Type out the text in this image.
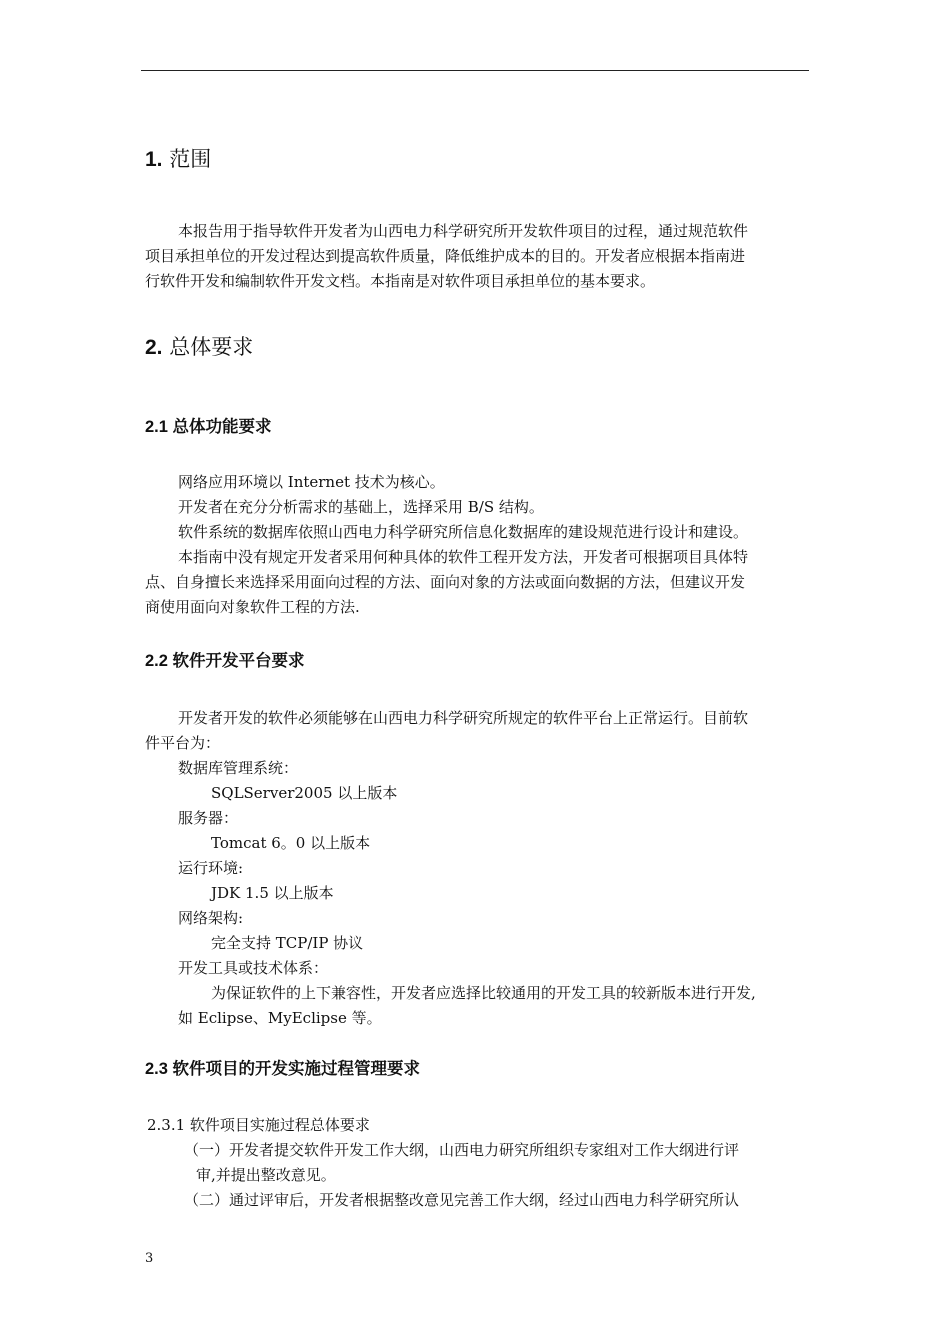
1. 范围
本报告用于指导软件开发者为山西电力科学研究所开发软件项目的过程，通过规范软件
项目承担单位的开发过程达到提高软件质量，降低维护成本的目的。开发者应根据本指南进
行软件开发和编制软件开发文档。本指南是对软件项目承担单位的基本要求。
2. 总体要求
2.1 总体功能要求
网络应用环境以 Internet 技术为核心。
开发者在充分分析需求的基础上，选择采用 B/S 结构。
软件系统的数据库依照山西电力科学研究所信息化数据库的建设规范进行设计和建设。
本指南中没有规定开发者采用何种具体的软件工程开发方法，开发者可根据项目具体特
点、自身擅长来选择采用面向过程的方法、面向对象的方法或面向数据的方法，但建议开发
商使用面向对象软件工程的方法.
2.2 软件开发平台要求
开发者开发的软件必须能够在山西电力科学研究所规定的软件平台上正常运行。目前软
件平台为：
数据库管理系统：
SQLServer2005 以上版本
服务器：
Tomcat 6。0 以上版本
运行环境:
JDK 1.5 以上版本
网络架构:
完全支持 TCP/IP 协议
开发工具或技术体系：
为保证软件的上下兼容性，开发者应选择比较通用的开发工具的较新版本进行开发,
如 Eclipse、MyEclipse 等。
2.3 软件项目的开发实施过程管理要求
2.3.1 软件项目实施过程总体要求
（一）开发者提交软件开发工作大纲，山西电力研究所组织专家组对工作大纲进行评
审,并提出整改意见。
（二）通过评审后，开发者根据整改意见完善工作大纲，经过山西电力科学研究所认
3
